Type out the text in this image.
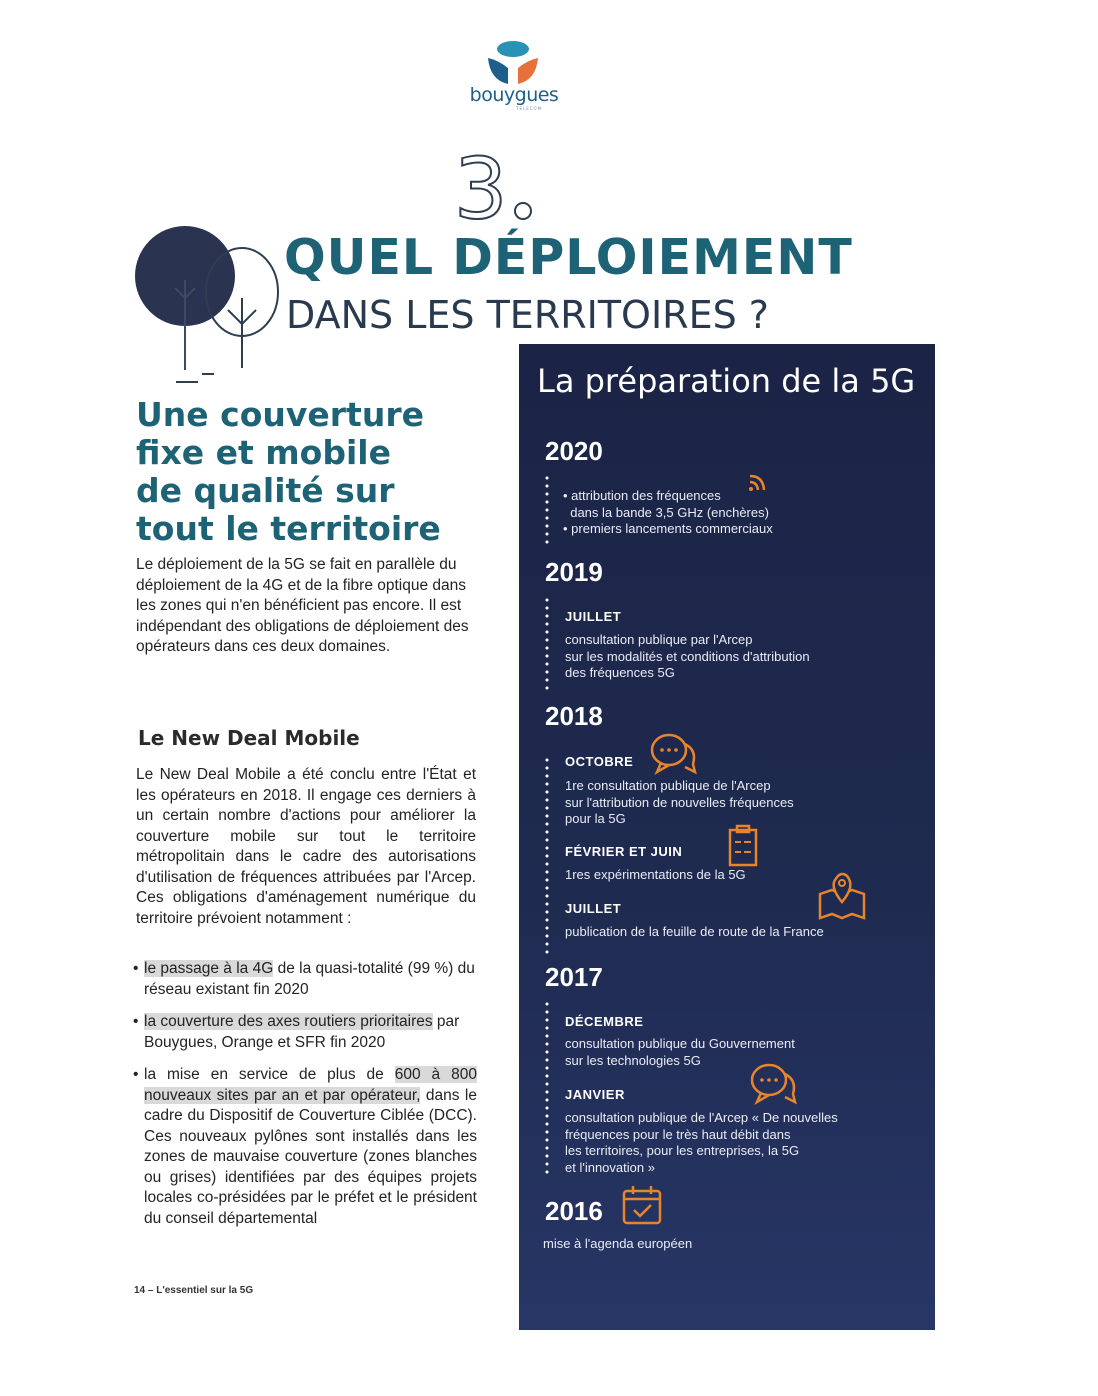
bouygues
TELECOM
3
QUEL DÉPLOIEMENT
DANS LES TERRITOIRES ?
Une couverture
fixe et mobile
de qualité sur
tout le territoire
Le déploiement de la 5G se fait en parallèle du déploiement de la 4G et de la fibre optique dans les zones qui n'en bénéficient pas encore. Il est indépendant des obligations de déploiement des opérateurs dans ces deux domaines.
Le New Deal Mobile
Le New Deal Mobile a été conclu entre l'État et les opérateurs en 2018. Il engage ces derniers à un certain nombre d'actions pour améliorer la couverture mobile sur tout le territoire métropolitain dans le cadre des autorisations d'utilisation de fréquences attribuées par l'Arcep. Ces obligations d'aménagement numérique du territoire prévoient notamment :
• le passage à la 4G de la quasi-totalité (99 %) du réseau existant fin 2020
• la couverture des axes routiers prioritaires par Bouygues, Orange et SFR fin 2020
• la mise en service de plus de 600 à 800 nouveaux sites par an et par opérateur, dans le cadre du Dispositif de Couverture Ciblée (DCC). Ces nouveaux pylônes sont installés dans les zones de mauvaise couverture (zones blanches ou grises) identifiées par des équipes projets locales co-présidées par le préfet et le président du conseil départemental
14 – L'essentiel sur la 5G
La préparation de la 5G
2020
• attribution des fréquences
dans la bande 3,5 GHz (enchères)
• premiers lancements commerciaux
2019
JUILLET
consultation publique par l'Arcep
sur les modalités et conditions d'attribution
des fréquences 5G
2018
OCTOBRE
1re consultation publique de l'Arcep
sur l'attribution de nouvelles fréquences
pour la 5G
FÉVRIER ET JUIN
1res expérimentations de la 5G
JUILLET
publication de la feuille de route de la France
2017
DÉCEMBRE
consultation publique du Gouvernement
sur les technologies 5G
JANVIER
consultation publique de l'Arcep « De nouvelles
fréquences pour le très haut débit dans
les territoires, pour les entreprises, la 5G
et l'innovation »
2016
mise à l'agenda européen
